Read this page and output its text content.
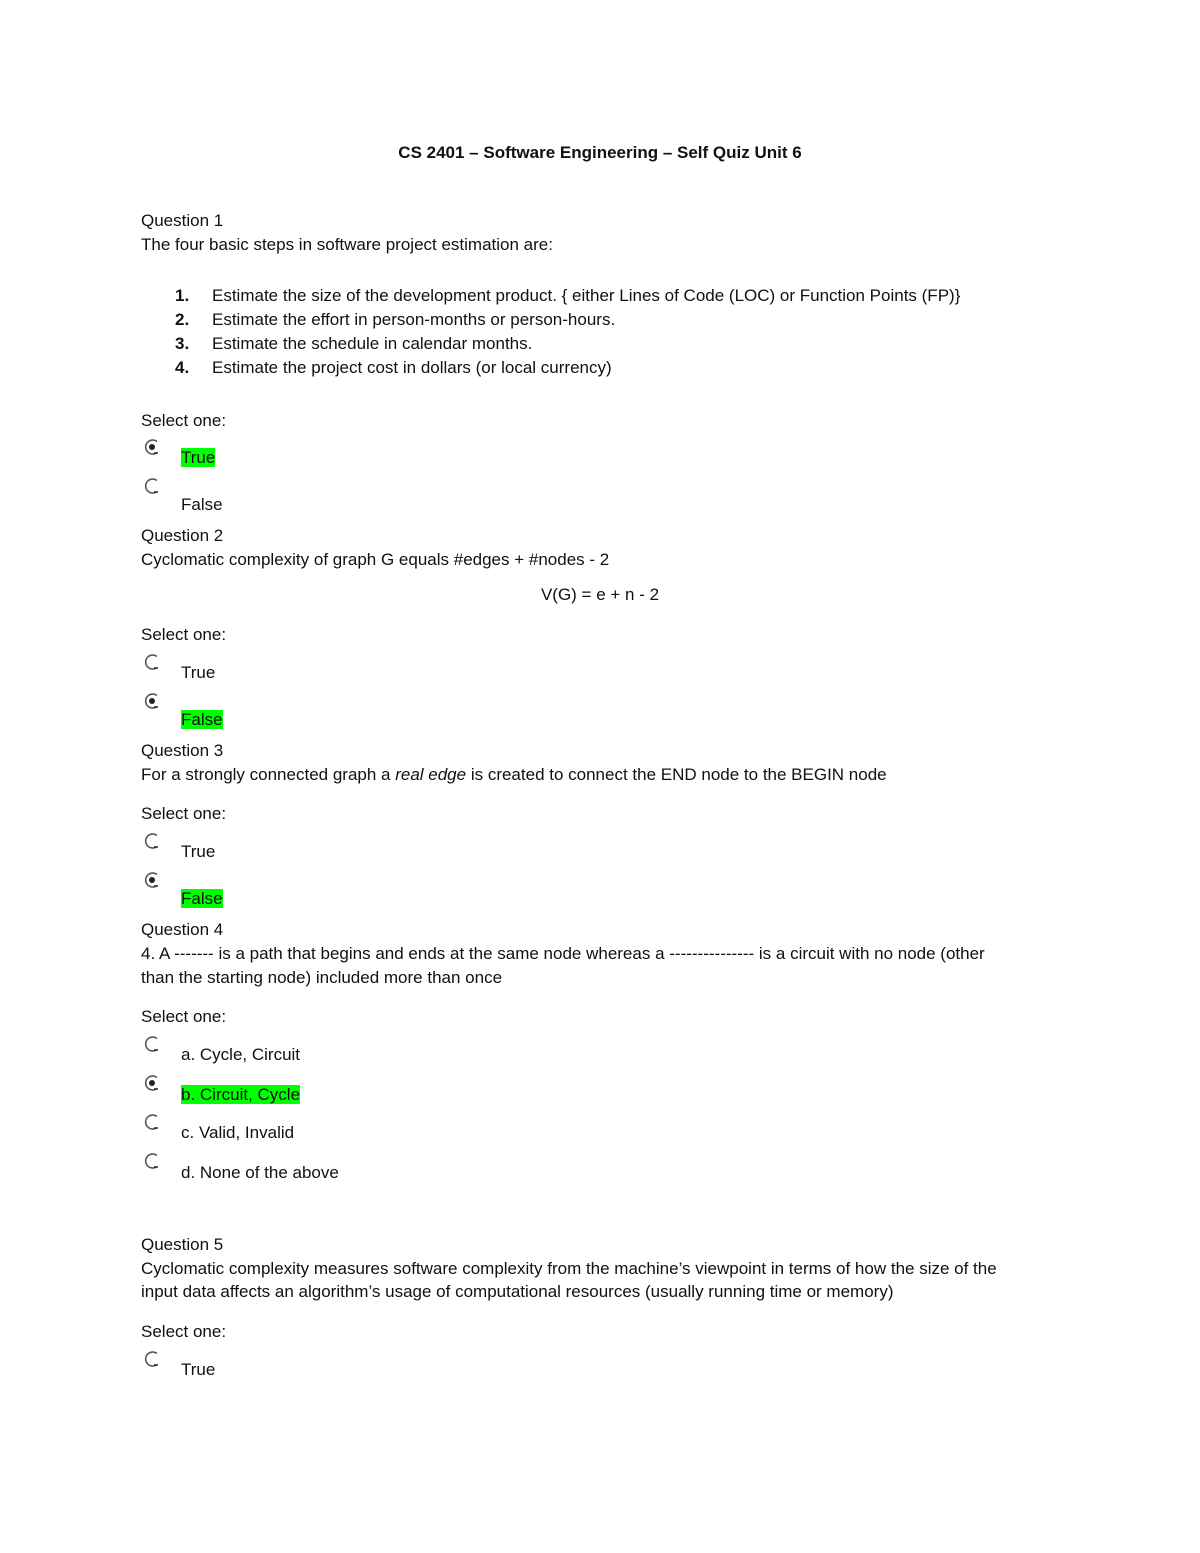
CS 2401 – Software Engineering – Self Quiz Unit 6
Question 1
The four basic steps in software project estimation are:
1.	Estimate the size of the development product. { either Lines of Code (LOC) or Function Points (FP)}
2.	Estimate the effort in person-months or person-hours.
3.	Estimate the schedule in calendar months.
4.	Estimate the project cost in dollars (or local currency)
Select one:
True
False
Question 2
Cyclomatic complexity of graph G equals #edges + #nodes - 2
V(G) = e + n - 2
Select one:
True
False
Question 3
For a strongly connected graph a real edge is created to connect the END node to the BEGIN node
Select one:
True
False
Question 4
4. A ------- is a path that begins and ends at the same node whereas a --------------- is a circuit with no node (other
than the starting node) included more than once
Select one:
a. Cycle, Circuit
b. Circuit, Cycle
c. Valid, Invalid
d. None of the above
Question 5
Cyclomatic complexity measures software complexity from the machine’s viewpoint in terms of how the size of the
input data affects an algorithm’s usage of computational resources (usually running time or memory)
Select one:
True
